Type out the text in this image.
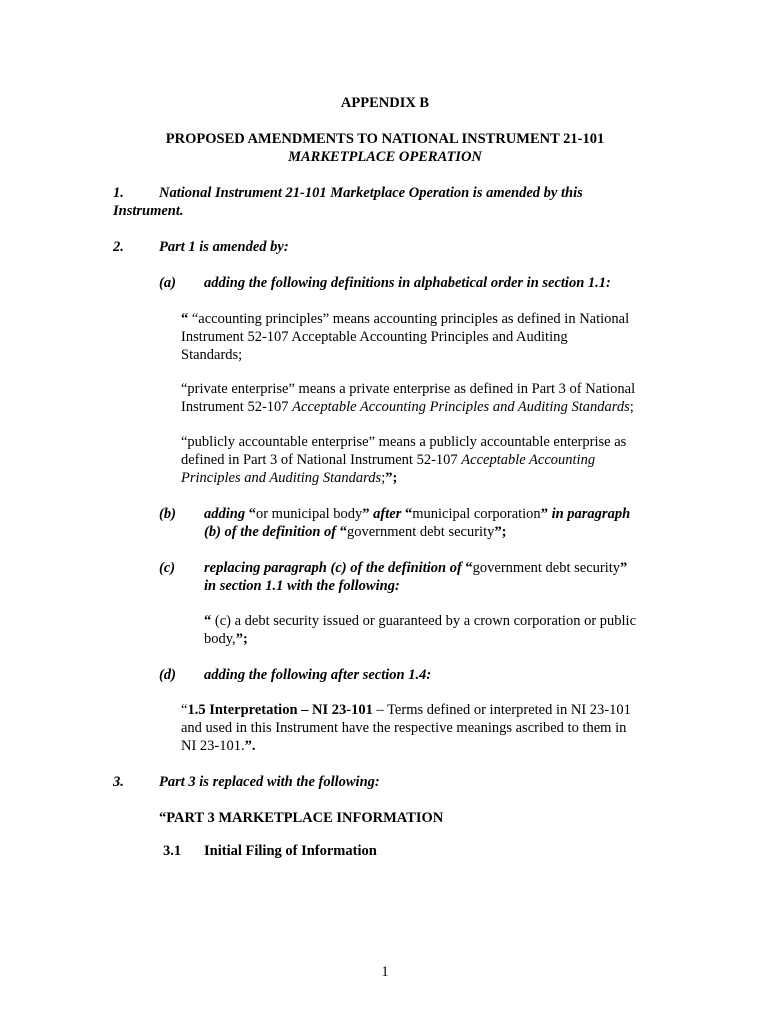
APPENDIX B
PROPOSED AMENDMENTS TO NATIONAL INSTRUMENT 21-101
MARKETPLACE OPERATION
1. National Instrument 21-101 Marketplace Operation is amended by this
Instrument.
2. Part 1 is amended by:
(a) adding the following definitions in alphabetical order in section 1.1:
“ “accounting principles” means accounting principles as defined in National
Instrument 52-107 Acceptable Accounting Principles and Auditing
Standards;
“private enterprise” means a private enterprise as defined in Part 3 of National
Instrument 52-107 Acceptable Accounting Principles and Auditing Standards;
“publicly accountable enterprise” means a publicly accountable enterprise as
defined in Part 3 of National Instrument 52-107 Acceptable Accounting
Principles and Auditing Standards;”;
(b) adding “or municipal body” after “municipal corporation” in paragraph
(b) of the definition of “government debt security”;
(c) replacing paragraph (c) of the definition of “government debt security”
in section 1.1 with the following:
“ (c) a debt security issued or guaranteed by a crown corporation or public
body,”;
(d) adding the following after section 1.4:
“1.5 Interpretation – NI 23-101 – Terms defined or interpreted in NI 23-101
and used in this Instrument have the respective meanings ascribed to them in
NI 23-101.”.
3. Part 3 is replaced with the following:
“PART 3 MARKETPLACE INFORMATION
3.1 Initial Filing of Information
1
